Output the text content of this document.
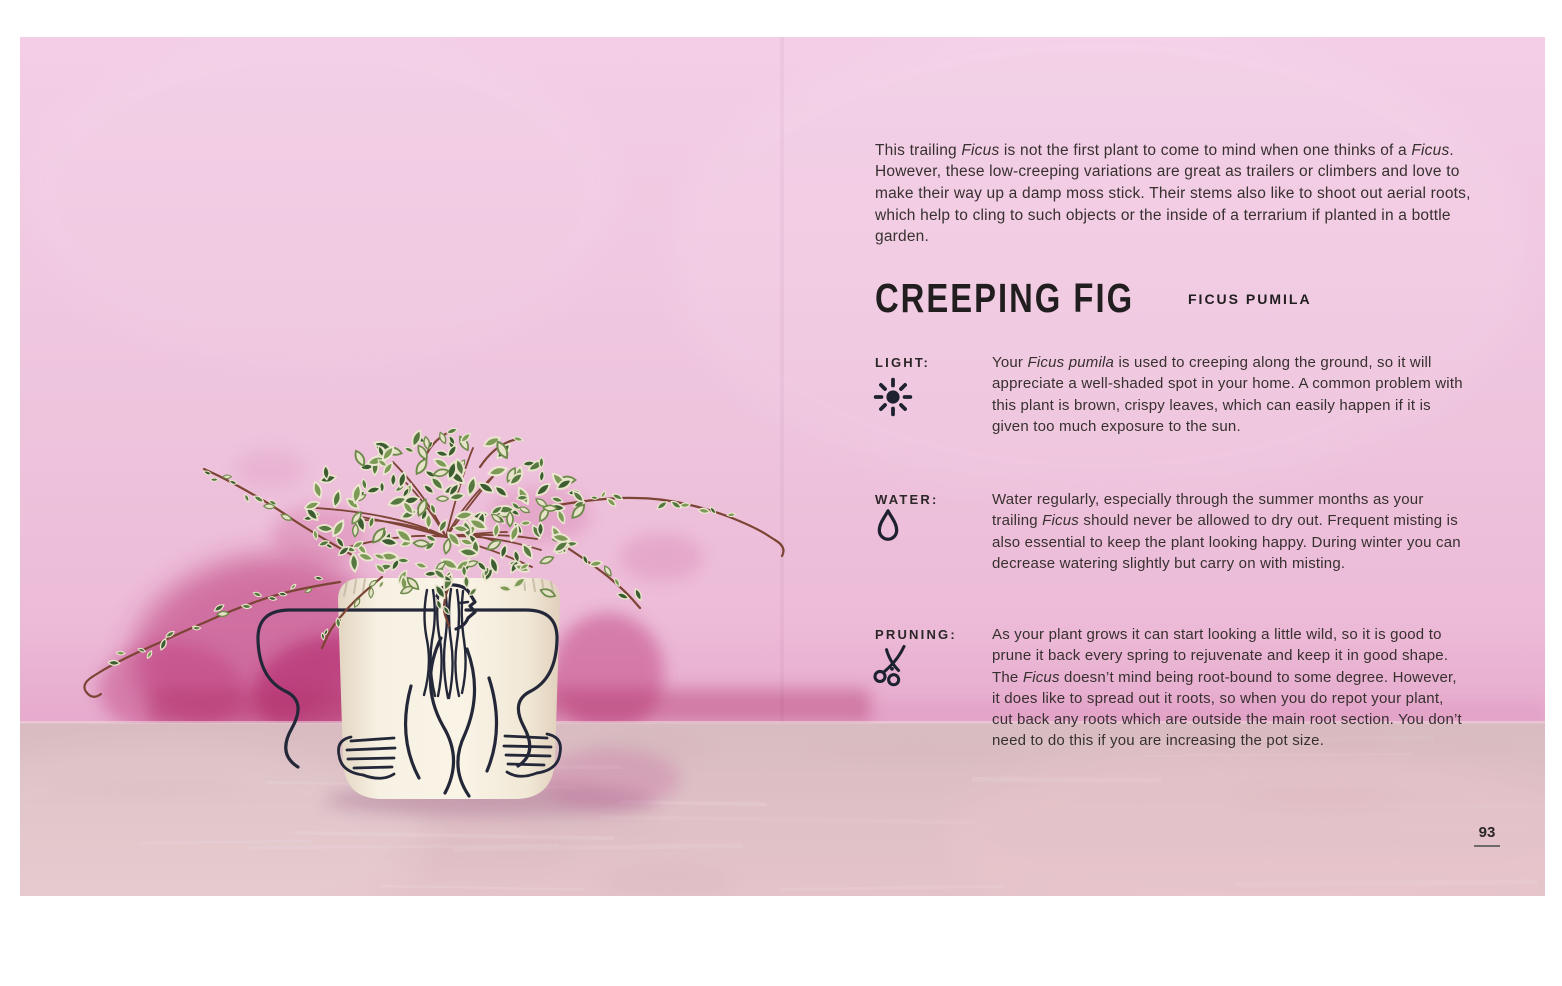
This trailing Ficus is not the first plant to come to mind when one thinks of a Ficus. However, these low-creeping variations are great as trailers or climbers and love to make their way up a damp moss stick. Their stems also like to shoot out aerial roots, which help to cling to such objects or the inside of a terrarium if planted in a bottle garden.

CREEPING FIG	FICUS PUMILA
LIGHT:	Your Ficus pumila is used to creeping along the ground, so it will appreciate a well-shaded spot in your home. A common problem with this plant is brown, crispy leaves, which can easily happen if it is given too much exposure to the sun.

WATER:	Water regularly, especially through the summer months as your trailing Ficus should never be allowed to dry out. Frequent misting is also essential to keep the plant looking happy. During winter you can decrease watering slightly but carry on with misting.

PRUNING: As your plant grows it can start looking a little wild, so it is good to prune it back every spring to rejuvenate and keep it in good shape. The Ficus doesn’t mind being root-bound to some degree. However, it does like to spread out it roots, so when you do repot your plant, cut back any roots which are outside the main root section. You don’t need to do this if you are increasing the pot size.

93
